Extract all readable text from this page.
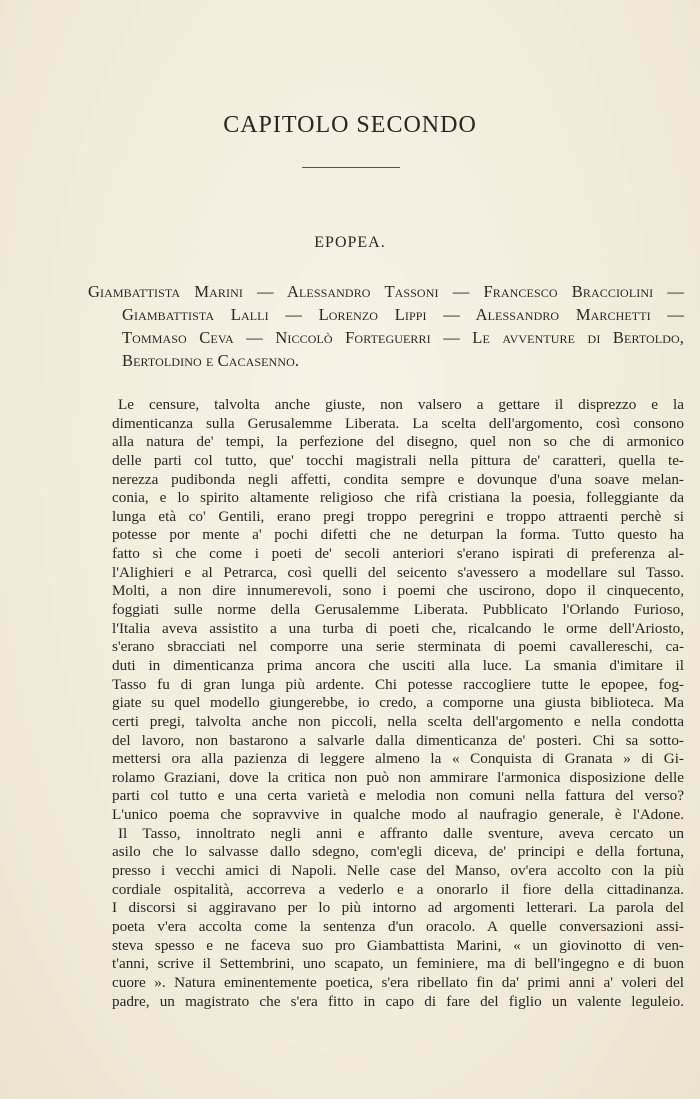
CAPITOLO SECONDO
EPOPEA.
Giambattista Marini — Alessandro Tassoni — Francesco Bracciolini —
Giambattista Lalli — Lorenzo Lippi — Alessandro Marchetti —
Tommaso Ceva — Niccolò Forteguerri — Le avventure di Bertoldo,
Bertoldino e Cacasenno.
Le censure, talvolta anche giuste, non valsero a gettare il disprezzo e la
dimenticanza sulla Gerusalemme Liberata. La scelta dell'argomento, così consono
alla natura de' tempi, la perfezione del disegno, quel non so che di armonico
delle parti col tutto, que' tocchi magistrali nella pittura de' caratteri, quella te-
nerezza pudibonda negli affetti, condita sempre e dovunque d'una soave melan-
conia, e lo spirito altamente religioso che rifà cristiana la poesia, folleggiante da
lunga età co' Gentili, erano pregi troppo peregrini e troppo attraenti perchè si
potesse por mente a' pochi difetti che ne deturpan la forma. Tutto questo ha
fatto sì che come i poeti de' secoli anteriori s'erano ispirati di preferenza al-
l'Alighieri e al Petrarca, così quelli del seicento s'avessero a modellare sul Tasso.
Molti, a non dire innumerevoli, sono i poemi che uscirono, dopo il cinquecento,
foggiati sulle norme della Gerusalemme Liberata. Pubblicato l'Orlando Furioso,
l'Italia aveva assistito a una turba di poeti che, ricalcando le orme dell'Ariosto,
s'erano sbracciati nel comporre una serie sterminata di poemi cavallereschi, ca-
duti in dimenticanza prima ancora che usciti alla luce. La smania d'imitare il
Tasso fu di gran lunga più ardente. Chi potesse raccogliere tutte le epopee, fog-
giate su quel modello giungerebbe, io credo, a comporne una giusta biblioteca. Ma
certi pregi, talvolta anche non piccoli, nella scelta dell'argomento e nella condotta
del lavoro, non bastarono a salvarle dalla dimenticanza de' posteri. Chi sa sotto-
mettersi ora alla pazienza di leggere almeno la « Conquista di Granata » di Gi-
rolamo Graziani, dove la critica non può non ammirare l'armonica disposizione delle
parti col tutto e una certa varietà e melodia non comuni nella fattura del verso?
L'unico poema che sopravvive in qualche modo al naufragio generale, è l'Adone.
Il Tasso, innoltrato negli anni e affranto dalle sventure, aveva cercato un
asilo che lo salvasse dallo sdegno, com'egli diceva, de' principi e della fortuna,
presso i vecchi amici di Napoli. Nelle case del Manso, ov'era accolto con la più
cordiale ospitalità, accorreva a vederlo e a onorarlo il fiore della cittadinanza.
I discorsi si aggiravano per lo più intorno ad argomenti letterari. La parola del
poeta v'era accolta come la sentenza d'un oracolo. A quelle conversazioni assi-
steva spesso e ne faceva suo pro Giambattista Marini, « un giovinotto di ven-
t'anni, scrive il Settembrini, uno scapato, un feminiere, ma di bell'ingegno e di buon
cuore ». Natura eminentemente poetica, s'era ribellato fin da' primi anni a' voleri del
padre, un magistrato che s'era fitto in capo di fare del figlio un valente leguleio.
